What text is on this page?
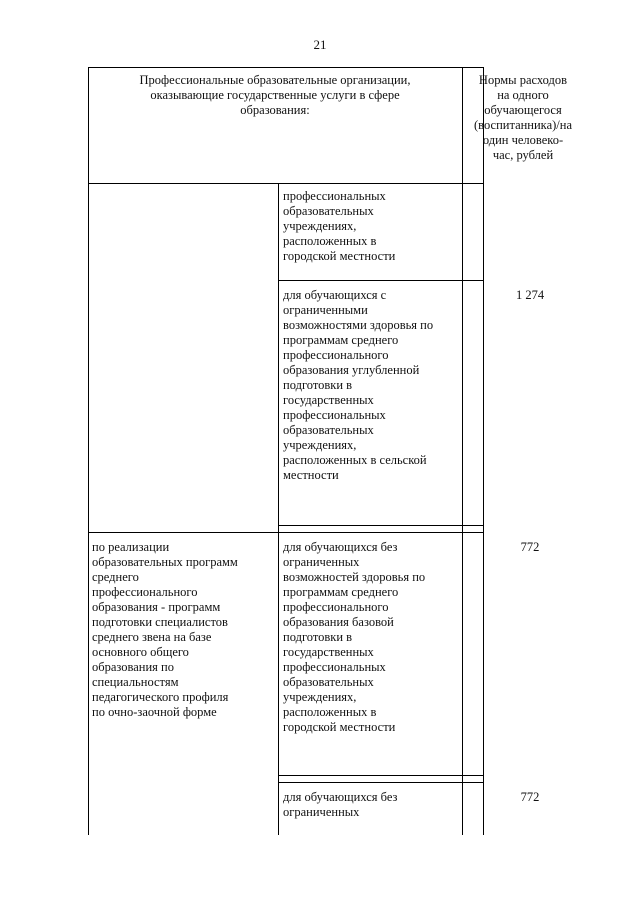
21
Профессиональные образовательные организации,
оказывающие государственные услуги в сфере
образования:
Нормы расходов
на одного
обучающегося
(воспитанника)/на
один человеко-
час, рублей
профессиональных
образовательных
учреждениях,
расположенных в
городской местности
для обучающихся с
ограниченными
возможностями здоровья по
программам среднего
профессионального
образования углубленной
подготовки в
государственных
профессиональных
образовательных
учреждениях,
расположенных в сельской
местности
1 274
по реализации
образовательных программ
среднего
профессионального
образования - программ
подготовки специалистов
среднего звена на базе
основного общего
образования по
специальностям
педагогического профиля
по очно-заочной форме
для обучающихся без
ограниченных
возможностей здоровья по
программам среднего
профессионального
образования базовой
подготовки в
государственных
профессиональных
образовательных
учреждениях,
расположенных в
городской местности
772
для обучающихся без
ограниченных
772
